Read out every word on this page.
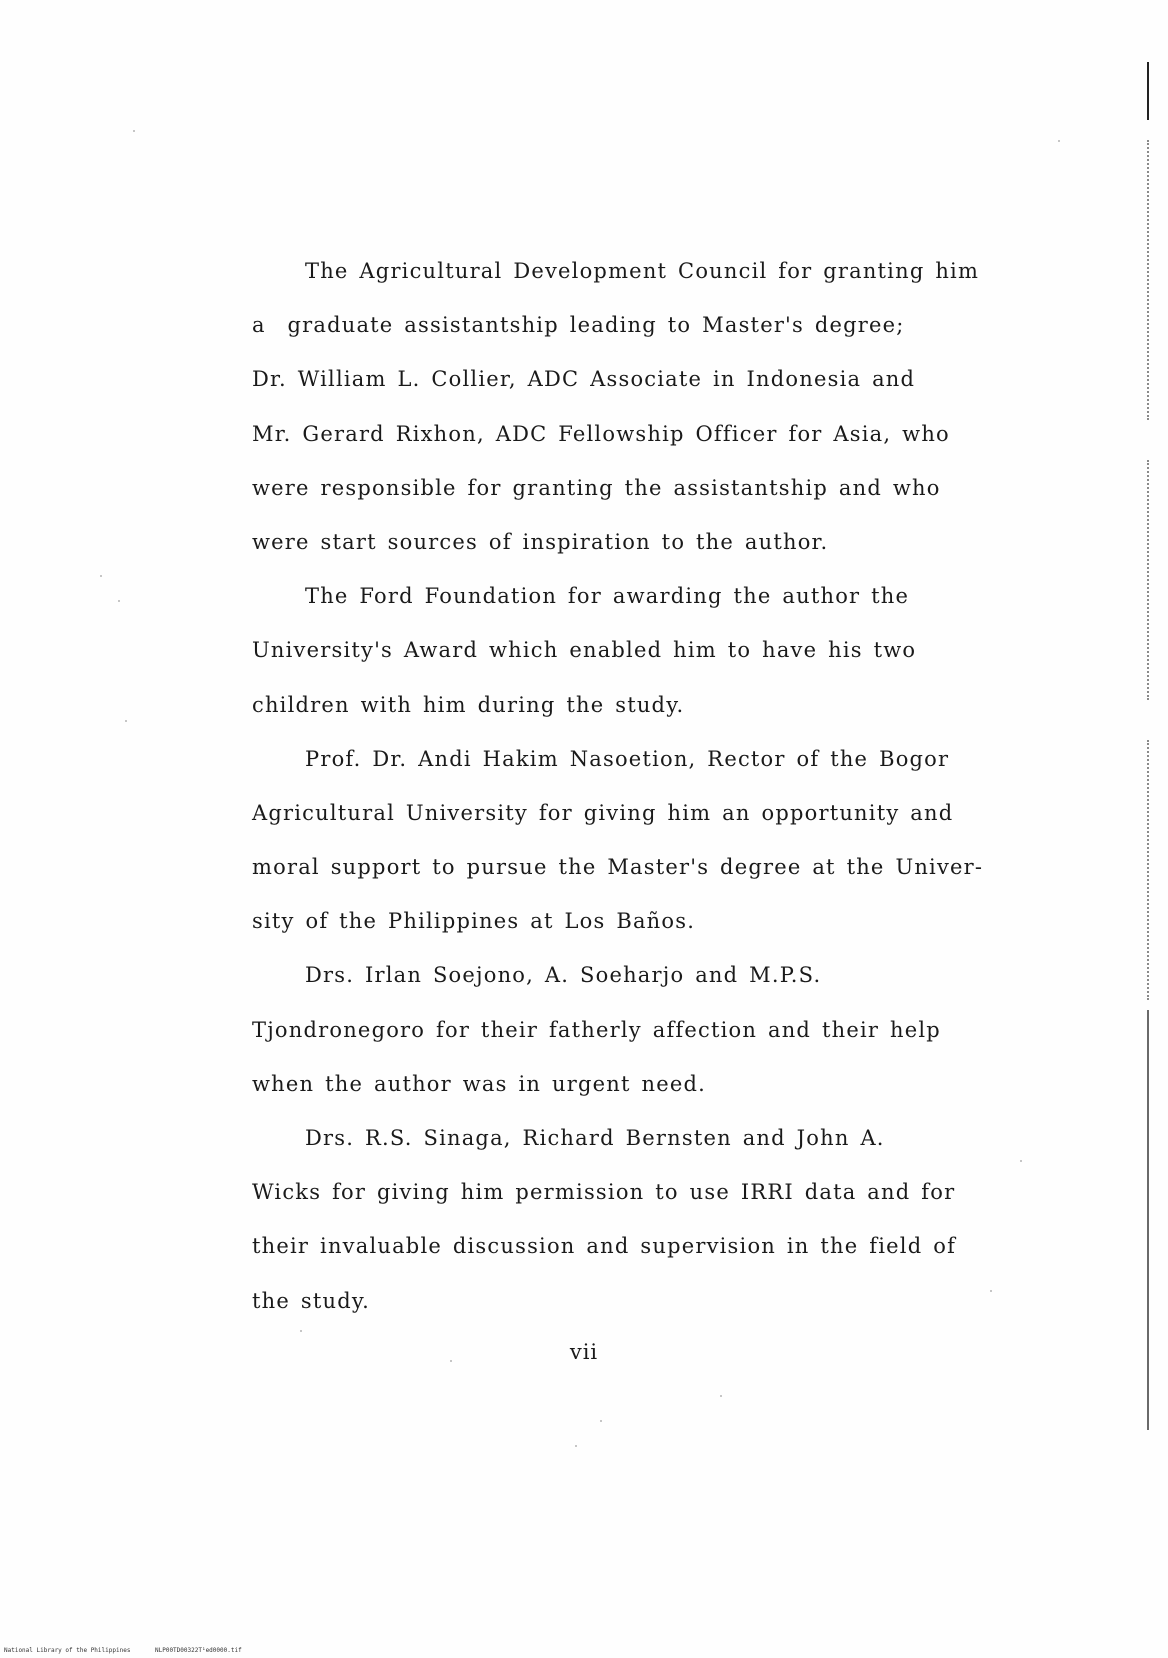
The Agricultural Development Council for granting him
a  graduate assistantship leading to Master's degree;
Dr. William L. Collier, ADC Associate in Indonesia and
Mr. Gerard Rixhon, ADC Fellowship Officer for Asia, who
were responsible for granting the assistantship and who
were start sources of inspiration to the author.
The Ford Foundation for awarding the author the
University's Award which enabled him to have his two
children with him during the study.
Prof. Dr. Andi Hakim Nasoetion, Rector of the Bogor
Agricultural University for giving him an opportunity and
moral support to pursue the Master's degree at the Univer-
sity of the Philippines at Los Baños.
Drs. Irlan Soejono, A. Soeharjo and M.P.S.
Tjondronegoro for their fatherly affection and their help
when the author was in urgent need.
Drs. R.S. Sinaga, Richard Bernsten and John A.
Wicks for giving him permission to use IRRI data and for
their invaluable discussion and supervision in the field of
the study.
vii
National Library of the Philippines	NLP00TD00322T¹ed0000.tif
